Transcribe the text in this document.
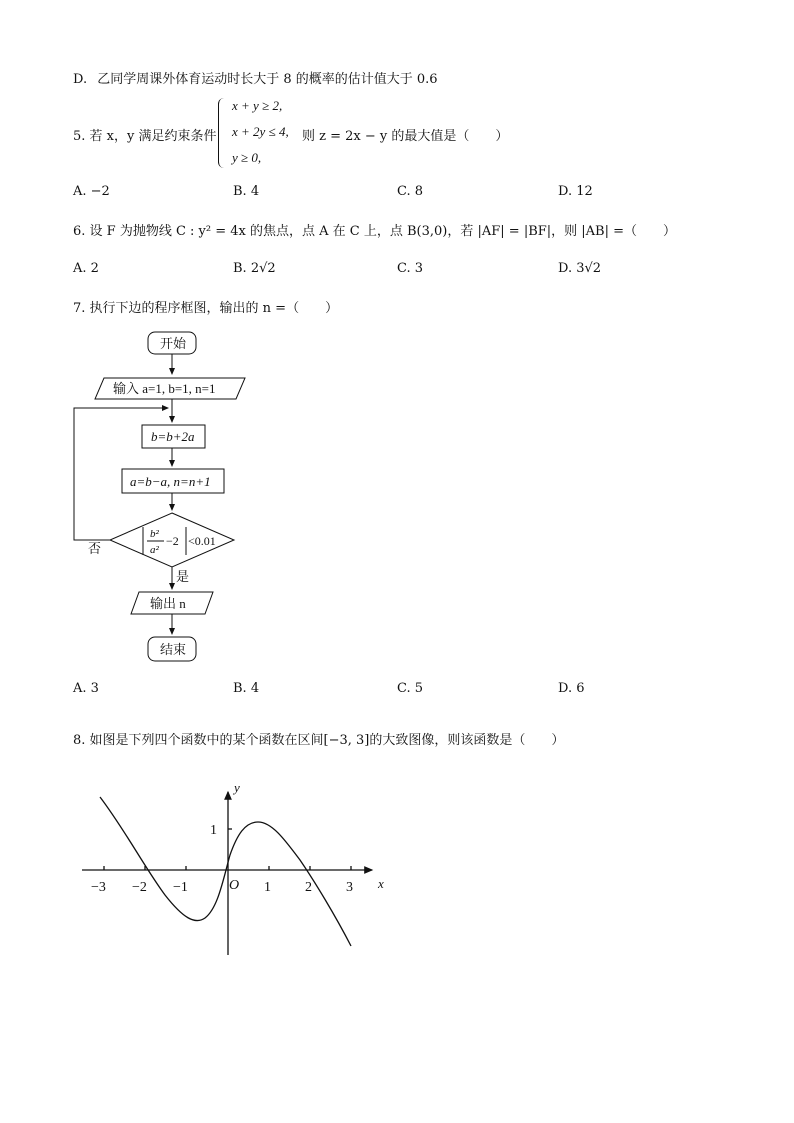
D. 乙同学周课外体育运动时长大于 8 的概率的估计值大于 0.6
5. 若 x，y 满足约束条件
x + y ≥ 2,
x + 2y ≤ 4,
y ≥ 0,
则 z = 2x − y 的最大值是（　　）
A. −2	B. 4	C. 8	D. 12
6. 设 F 为抛物线 C : y² = 4x 的焦点，点 A 在 C 上，点 B(3,0)，若 |AF| = |BF|，则 |AB| =（　　）
A. 2	B. 2√2	C. 3	D. 3√2
7. 执行下边的程序框图，输出的 n =（　　）
开始
输入 a=1, b=1, n=1
b=b+2a
a=b−a, n=n+1
b²
a²
−2 <0.01
否
是
输出 n
结束
−3 −2 −1	1 2 3
1
O	x
y
A. 3	B. 4	C. 5	D. 6
8. 如图是下列四个函数中的某个函数在区间[−3, 3]的大致图像，则该函数是（　　）
